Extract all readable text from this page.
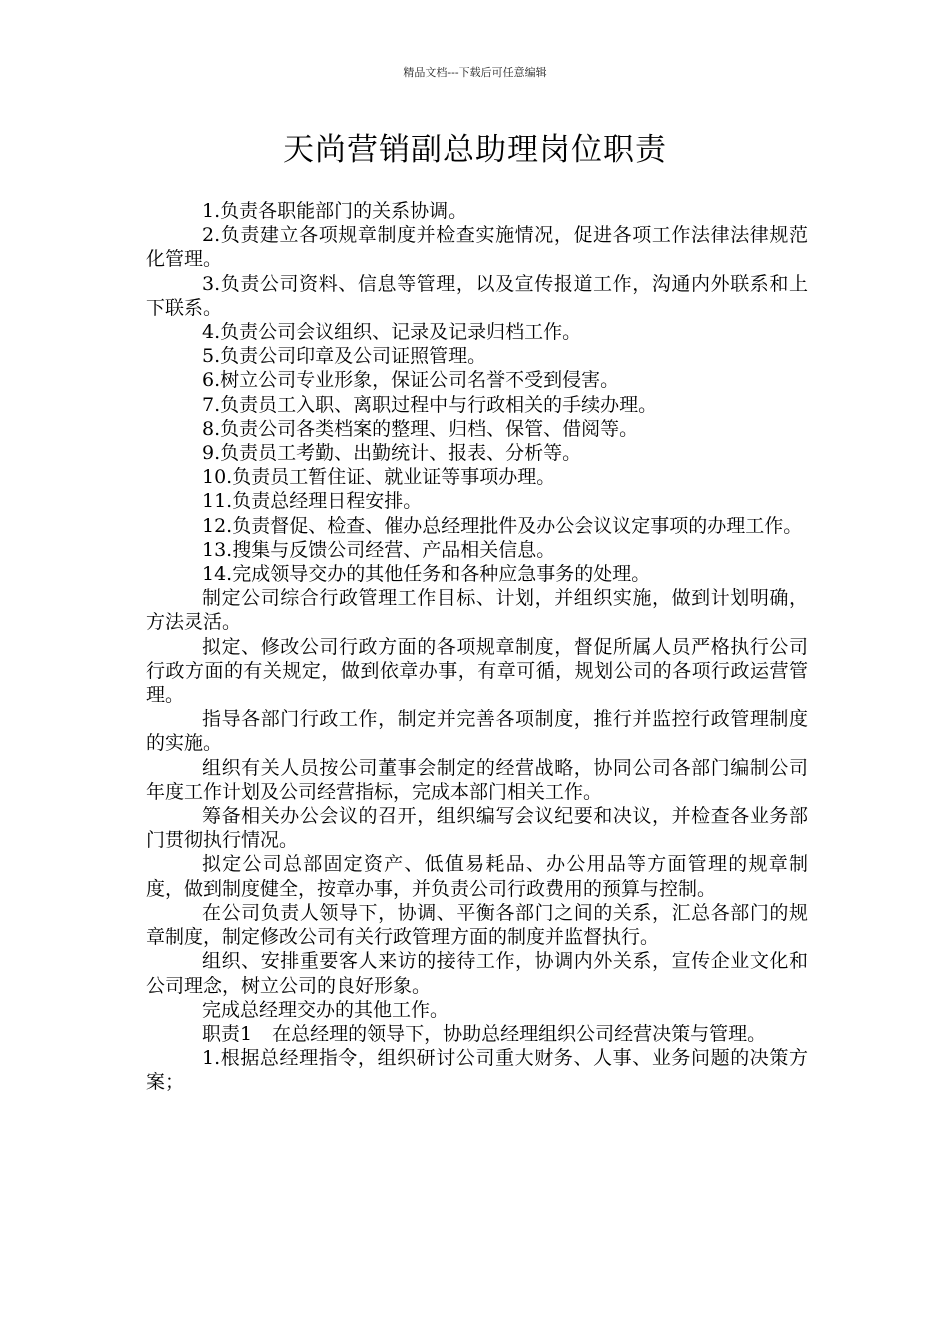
精品文档---下载后可任意编辑
天尚营销副总助理岗位职责

1.负责各职能部门的关系协调。

2.负责建立各项规章制度并检查实施情况，促进各项工作法律法律规范化管理。

3.负责公司资料、信息等管理，以及宣传报道工作，沟通内外联系和上下联系。

4.负责公司会议组织、记录及记录归档工作。

5.负责公司印章及公司证照管理。

6.树立公司专业形象，保证公司名誉不受到侵害。

7.负责员工入职、离职过程中与行政相关的手续办理。

8.负责公司各类档案的整理、归档、保管、借阅等。

9.负责员工考勤、出勤统计、报表、分析等。

10.负责员工暂住证、就业证等事项办理。

11.负责总经理日程安排。

12.负责督促、检查、催办总经理批件及办公会议议定事项的办理工作。

13.搜集与反馈公司经营、产品相关信息。

14.完成领导交办的其他任务和各种应急事务的处理。

制定公司综合行政管理工作目标、计划，并组织实施，做到计划明确，方法灵活。

拟定、修改公司行政方面的各项规章制度，督促所属人员严格执行公司行政方面的有关规定，做到依章办事，有章可循，规划公司的各项行政运营管理。

指导各部门行政工作，制定并完善各项制度，推行并监控行政管理制度的实施。

组织有关人员按公司董事会制定的经营战略，协同公司各部门编制公司年度工作计划及公司经营指标，完成本部门相关工作。

筹备相关办公会议的召开，组织编写会议纪要和决议，并检查各业务部门贯彻执行情况。

拟定公司总部固定资产、低值易耗品、办公用品等方面管理的规章制度，做到制度健全，按章办事，并负责公司行政费用的预算与控制。

在公司负责人领导下，协调、平衡各部门之间的关系，汇总各部门的规章制度，制定修改公司有关行政管理方面的制度并监督执行。

组织、安排重要客人来访的接待工作，协调内外关系，宣传企业文化和公司理念，树立公司的良好形象。

完成总经理交办的其他工作。

职责1 在总经理的领导下，协助总经理组织公司经营决策与管理。

1.根据总经理指令，组织研讨公司重大财务、人事、业务问题的决策方案；
